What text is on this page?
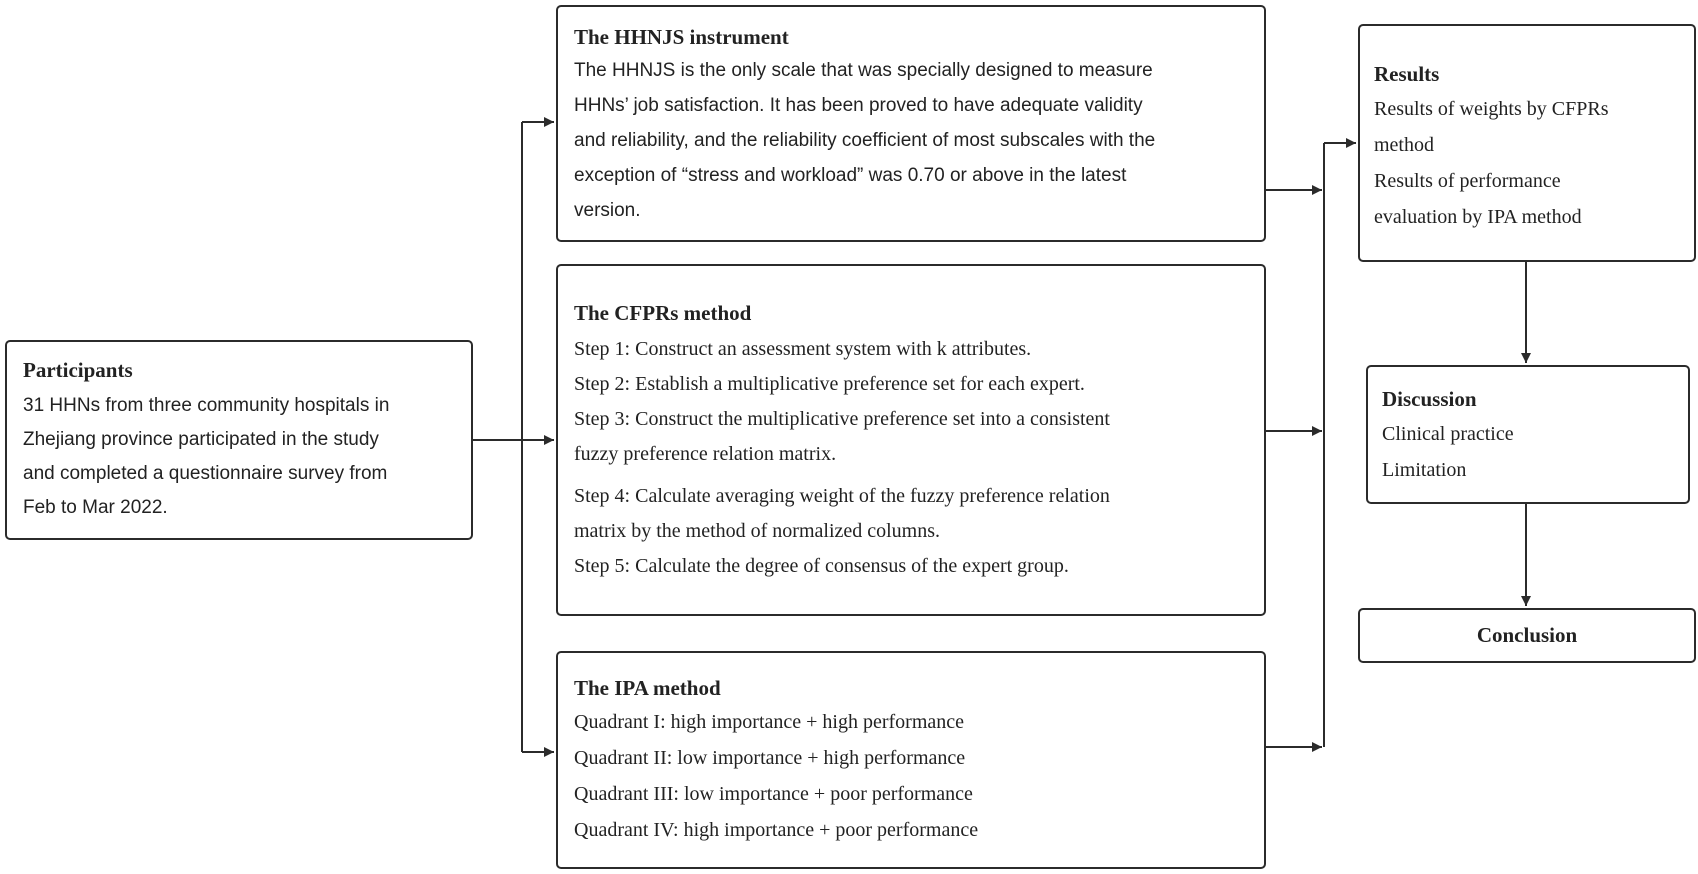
Participants
31 HHNs from three community hospitals in
Zhejiang province participated in the study
and completed a questionnaire survey from
Feb to Mar 2022.
The HHNJS instrument
The HHNJS is the only scale that was specially designed to measure
HHNs’ job satisfaction. It has been proved to have adequate validity
and reliability, and the reliability coefficient of most subscales with the
exception of “stress and workload” was 0.70 or above in the latest
version.
The CFPRs method
Step 1: Construct an assessment system with k attributes.
Step 2: Establish a multiplicative preference set for each expert.
Step 3: Construct the multiplicative preference set into a consistent
fuzzy preference relation matrix.
Step 4: Calculate averaging weight of the fuzzy preference relation
matrix by the method of normalized columns.
Step 5: Calculate the degree of consensus of the expert group.
The IPA method
Quadrant I: high importance + high performance
Quadrant II: low importance + high performance
Quadrant III: low importance + poor performance
Quadrant IV: high importance + poor performance
Results
Results of weights by CFPRs
method
Results of performance
evaluation by IPA method
Discussion
Clinical practice
Limitation
Conclusion
